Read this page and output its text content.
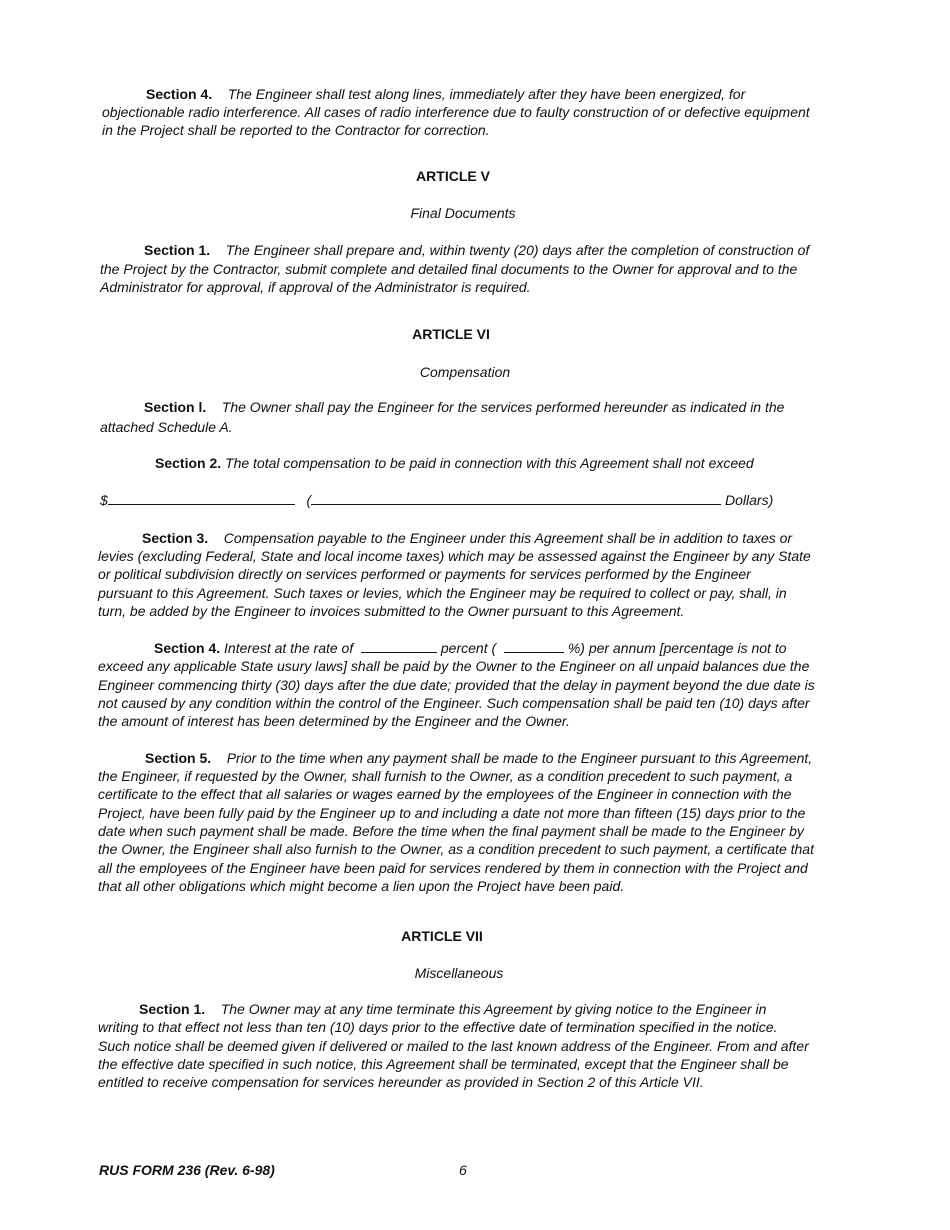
Section 4. The Engineer shall test along lines, immediately after they have been energized, for
objectionable radio interference. All cases of radio interference due to faulty construction of or defective equipment
in the Project shall be reported to the Contractor for correction.
ARTICLE V
Final Documents
Section 1. The Engineer shall prepare and, within twenty (20) days after the completion of construction of
the Project by the Contractor, submit complete and detailed final documents to the Owner for approval and to the
Administrator for approval, if approval of the Administrator is required.
ARTICLE VI
Compensation
Section l. The Owner shall pay the Engineer for the services performed hereunder as indicated in the
attached Schedule A.
Section 2. The total compensation to be paid in connection with this Agreement shall not exceed
$	(	Dollars)
Section 3. Compensation payable to the Engineer under this Agreement shall be in addition to taxes or
levies (excluding Federal, State and local income taxes) which may be assessed against the Engineer by any State
or political subdivision directly on services performed or payments for services performed by the Engineer
pursuant to this Agreement. Such taxes or levies, which the Engineer may be required to collect or pay, shall, in
turn, be added by the Engineer to invoices submitted to the Owner pursuant to this Agreement.
Section 4. Interest at the rate of	percent (	%) per annum [percentage is not to
exceed any applicable State usury laws] shall be paid by the Owner to the Engineer on all unpaid balances due the
Engineer commencing thirty (30) days after the due date; provided that the delay in payment beyond the due date is
not caused by any condition within the control of the Engineer. Such compensation shall be paid ten (10) days after
the amount of interest has been determined by the Engineer and the Owner.
Section 5. Prior to the time when any payment shall be made to the Engineer pursuant to this Agreement,
the Engineer, if requested by the Owner, shall furnish to the Owner, as a condition precedent to such payment, a
certificate to the effect that all salaries or wages earned by the employees of the Engineer in connection with the
Project, have been fully paid by the Engineer up to and including a date not more than fifteen (15) days prior to the
date when such payment shall be made. Before the time when the final payment shall be made to the Engineer by
the Owner, the Engineer shall also furnish to the Owner, as a condition precedent to such payment, a certificate that
all the employees of the Engineer have been paid for services rendered by them in connection with the Project and
that all other obligations which might become a lien upon the Project have been paid.
ARTICLE VII
Miscellaneous
Section 1. The Owner may at any time terminate this Agreement by giving notice to the Engineer in
writing to that effect not less than ten (10) days prior to the effective date of termination specified in the notice.
Such notice shall be deemed given if delivered or mailed to the last known address of the Engineer. From and after
the effective date specified in such notice, this Agreement shall be terminated, except that the Engineer shall be
entitled to receive compensation for services hereunder as provided in Section 2 of this Article VII.
RUS FORM 236 (Rev. 6-98)	6
